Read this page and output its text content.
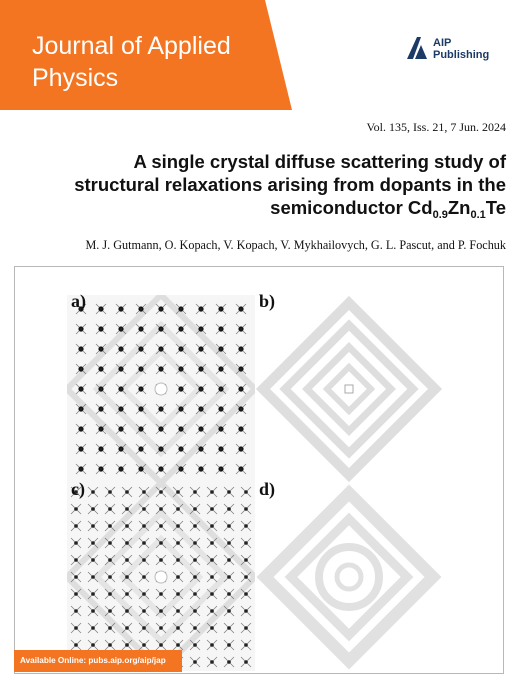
Journal of Applied Physics
AIP
Publishing
Vol. 135, Iss. 21, 7 Jun. 2024
A single crystal diffuse scattering study of
structural relaxations arising from dopants in the
semiconductor $Cd_{0.9}Zn_{0.1}Te$
M. J. Gutmann, O. Kopach, V. Kopach, V. Mykhailovych, G. L. Pascut, and P. Fochuk
a)	b)
c)	d)
Available Online: pubs.aip.org/aip/jap
